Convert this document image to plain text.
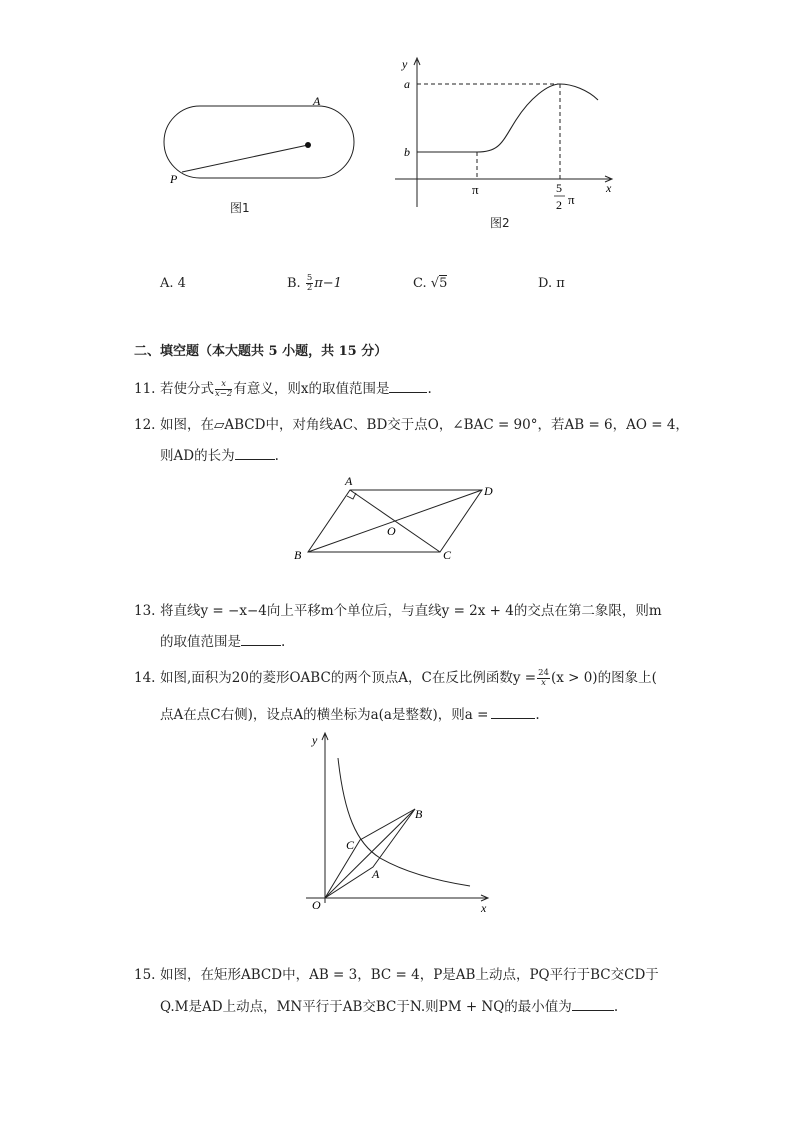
A
P
图1
y
x
a
b
π	5
2 π
图2
A. 4	B. $\frac{5}{2} \pi-1$	C. √5	D. π
二、填空题（本大题共 5 小题，共 15 分）
11. 若使分式 $\frac{x}{x-2}$ 有意义，则x的取值范围是	.
12. 如图，在▱ABCD中，对角线AC、BD交于点O，∠BAC = 90°，若AB = 6，AO = 4，
则AD的长为	.
A
D
B	C
O
13. 将直线y = −x−4向上平移m个单位后，与直线y = 2x + 4的交点在第二象限，则m
的取值范围是	.
14. 如图,面积为20的菱形OABC的两个顶点A，C在反比例函数$y = \frac{24}{x} (x > 0)$的图象上(
点A在点C右侧)，设点A的横坐标为a(a是整数)，则a =	.
y
x
O
A
B
C
15. 如图，在矩形ABCD中，AB = 3，BC = 4，P是AB上动点，PQ平行于BC交CD于
Q.M是AD上动点，MN平行于AB交BC于N.则PM + NQ的最小值为	.
